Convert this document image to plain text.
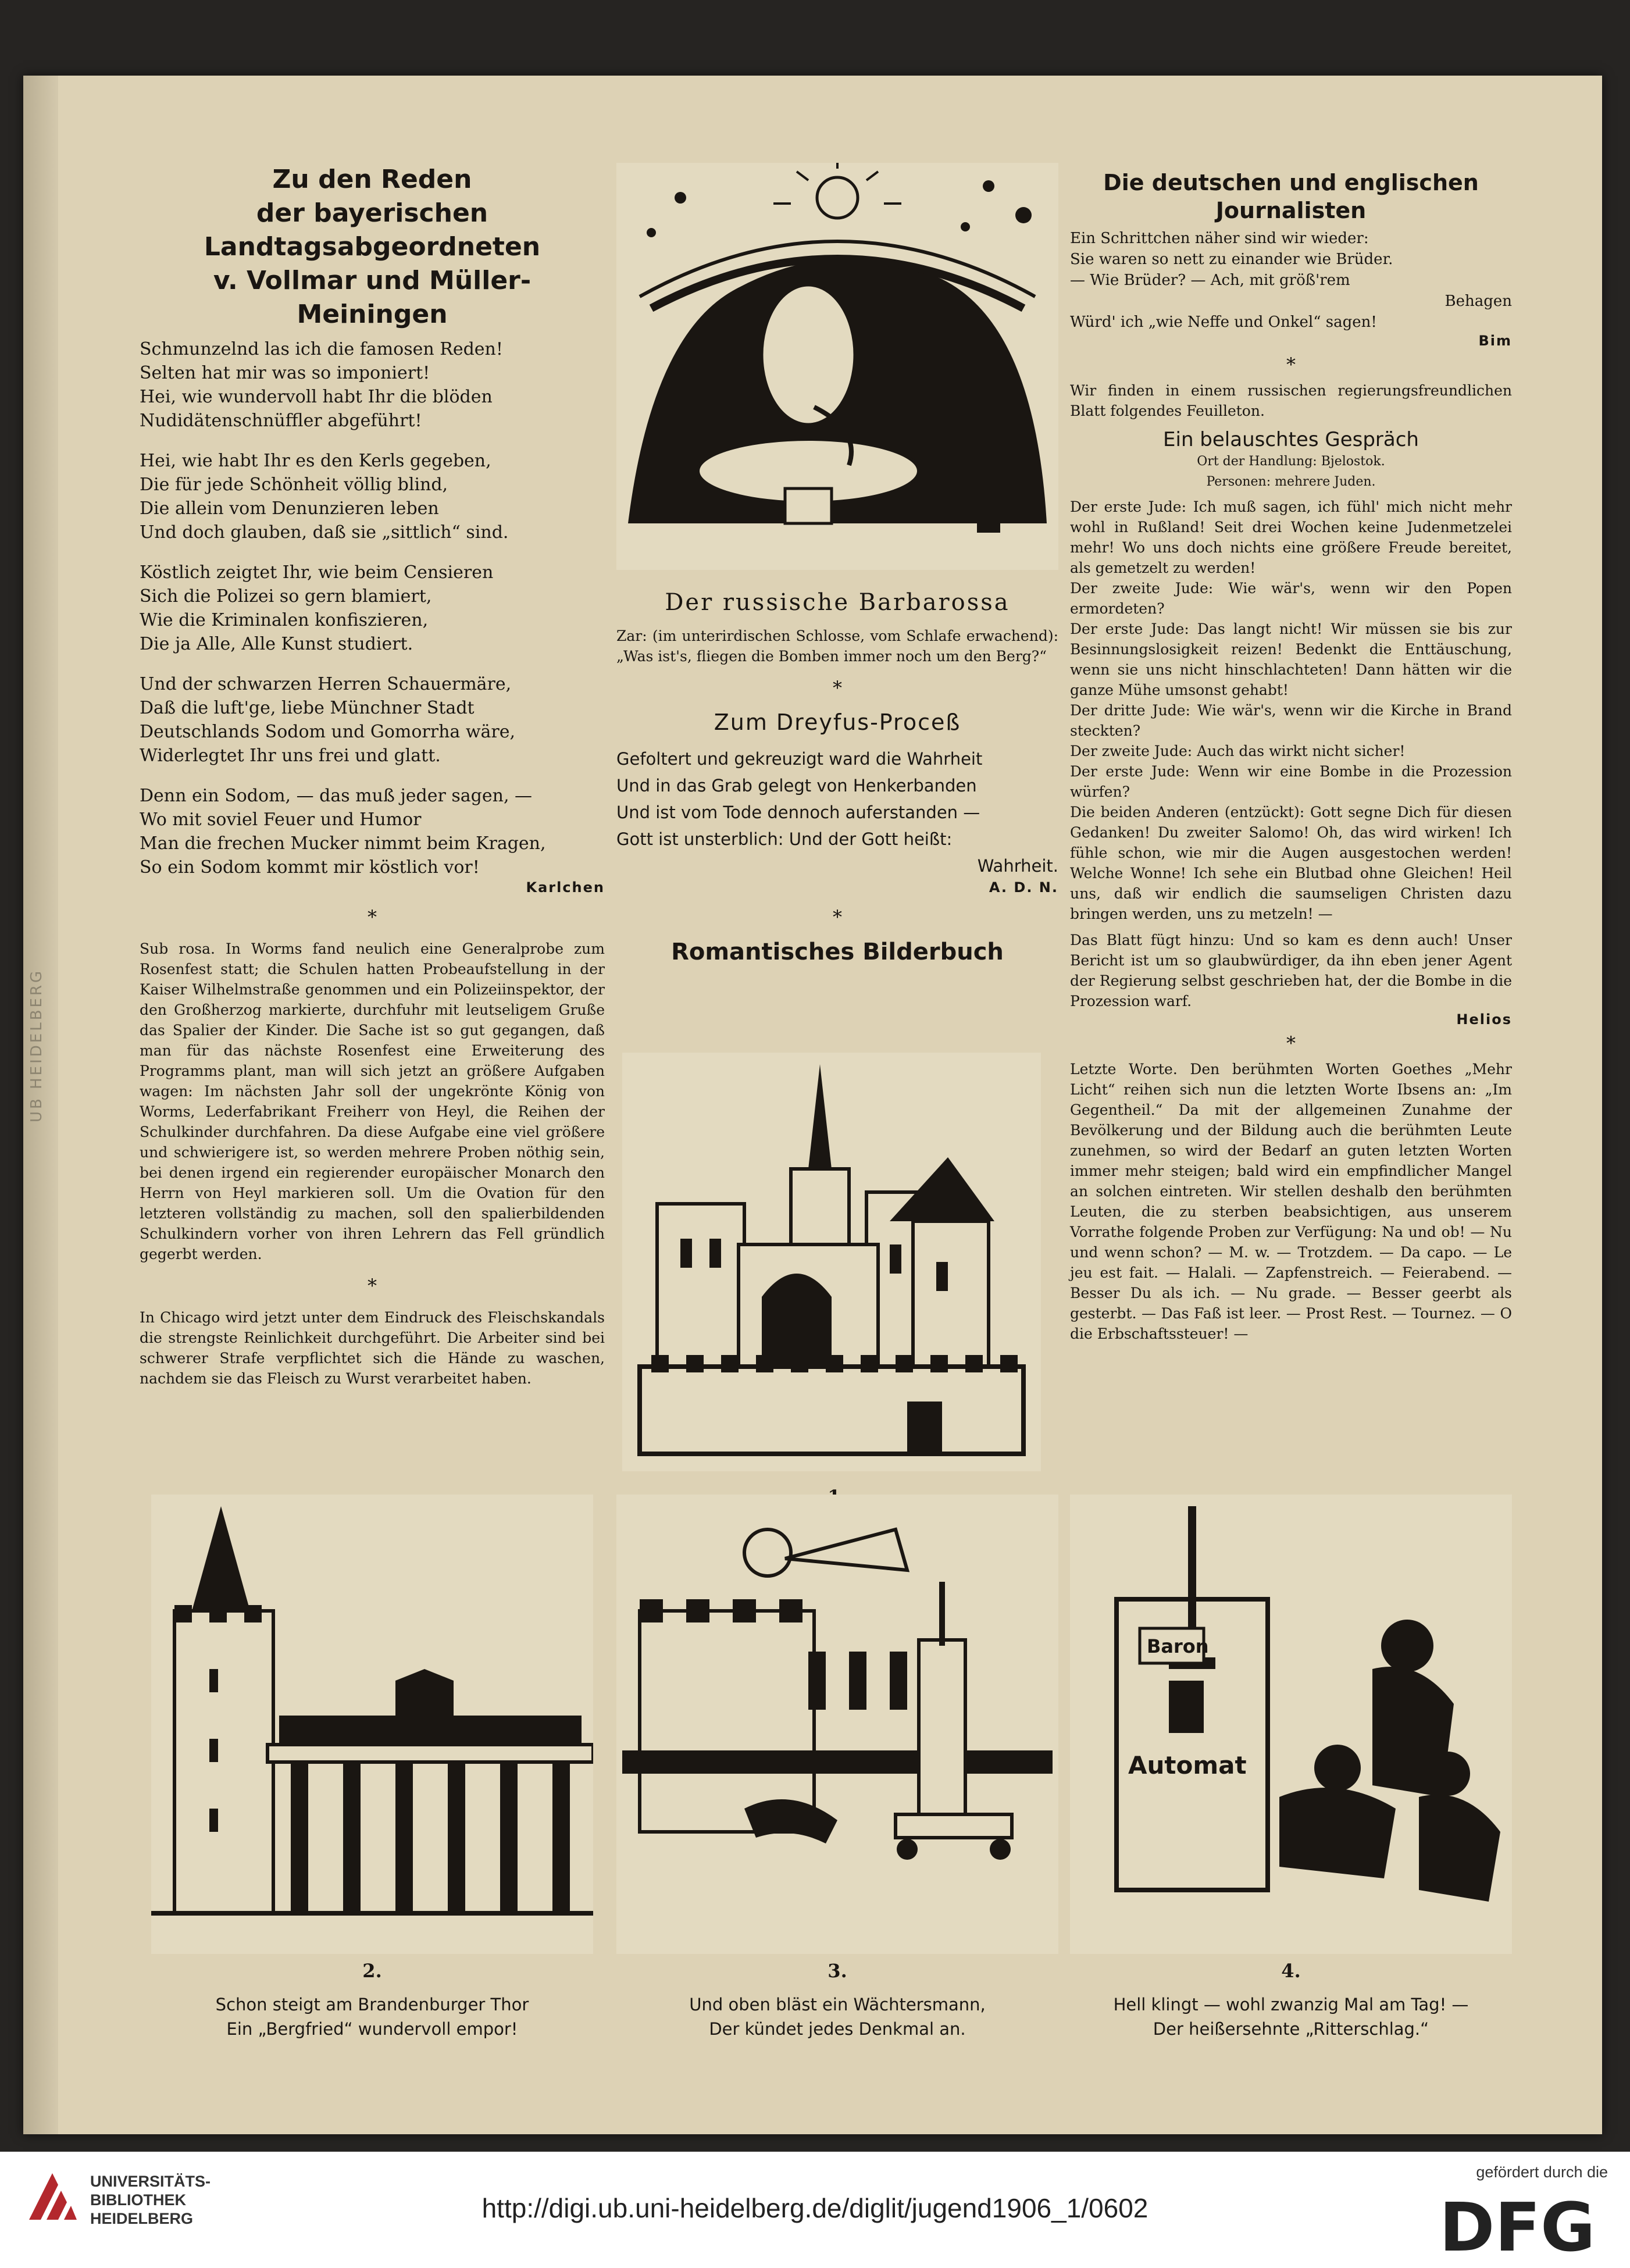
UB HEIDELBERG
Zu den Reden
der bayerischen Landtagsabgeordneten
v. Vollmar und Müller-Meiningen

Schmunzelnd las ich die famosen Reden!

Selten hat mir was so imponiert!

Hei, wie wundervoll habt Ihr die blöden

Nudidätenschnüffler abgeführt!

Hei, wie habt Ihr es den Kerls gegeben,

Die für jede Schönheit völlig blind,

Die allein vom Denunzieren leben

Und doch glauben, daß sie „sittlich“ sind.

Köstlich zeigtet Ihr, wie beim Censieren

Sich die Polizei so gern blamiert,

Wie die Kriminalen konfiszieren,

Die ja Alle, Alle Kunst studiert.

Und der schwarzen Herren Schauermäre,

Daß die luft'ge, liebe Münchner Stadt

Deutschlands Sodom und Gomorrha wäre,

Widerlegtet Ihr uns frei und glatt.

Denn ein Sodom, — das muß jeder sagen, —

Wo mit soviel Feuer und Humor

Man die frechen Mucker nimmt beim Kragen,

So ein Sodom kommt mir köstlich vor!

Karlchen
*

Sub rosa. In Worms fand neulich eine Generalprobe zum Rosenfest statt; die Schulen hatten Probeaufstellung in der Kaiser Wilhelmstraße genommen und ein Polizeiinspektor, der den Großherzog markierte, durchfuhr mit leutseligem Gruße das Spalier der Kinder. Die Sache ist so gut gegangen, daß man für das nächste Rosenfest eine Erweiterung des Programms plant, man will sich jetzt an größere Aufgaben wagen: Im nächsten Jahr soll der ungekrönte König von Worms, Lederfabrikant Freiherr von Heyl, die Reihen der Schulkinder durchfahren. Da diese Aufgabe eine viel größere und schwierigere ist, so werden mehrere Proben nöthig sein, bei denen irgend ein regierender europäischer Monarch den Herrn von Heyl markieren soll. Um die Ovation für den letzteren vollständig zu machen, soll den spalierbildenden Schulkindern vorher von ihren Lehrern das Fell gründlich gegerbt werden.

*

In Chicago wird jetzt unter dem Eindruck des Fleischskandals die strengste Reinlichkeit durchgeführt. Die Arbeiter sind bei schwerer Strafe verpflichtet sich die Hände zu waschen, nachdem sie das Fleisch zu Wurst verarbeitet haben.

Der russische Barbarossa

Zar: (im unterirdischen Schlosse, vom Schlafe erwachend): „Was ist's, fliegen die Bomben immer noch um den Berg?“

*
Zum Dreyfus-Proceß

Gefoltert und gekreuzigt ward die Wahrheit

Und in das Grab gelegt von Henkerbanden

Und ist vom Tode dennoch auferstanden —

Gott ist unsterblich: Und der Gott heißt:

Wahrheit.

A. D. N.
*
Romantisches Bilderbuch

Die deutschen und englischen Journalisten

Ein Schrittchen näher sind wir wieder:

Sie waren so nett zu einander wie Brüder.

— Wie Brüder? — Ach, mit größ'rem

Behagen

Würd' ich „wie Neffe und Onkel“ sagen!

Bim
*

Wir finden in einem russischen regierungsfreundlichen Blatt folgendes Feuilleton.

Ein belauschtes Gespräch

Ort der Handlung: Bjelostok.

Personen: mehrere Juden.

Der erste Jude: Ich muß sagen, ich fühl' mich nicht mehr wohl in Rußland! Seit drei Wochen keine Judenmetzelei mehr! Wo uns doch nichts eine größere Freude bereitet, als gemetzelt zu werden!

Der zweite Jude: Wie wär's, wenn wir den Popen ermordeten?

Der erste Jude: Das langt nicht! Wir müssen sie bis zur Besinnungslosigkeit reizen! Bedenkt die Enttäuschung, wenn sie uns nicht hinschlachteten! Dann hätten wir die ganze Mühe umsonst gehabt!

Der dritte Jude: Wie wär's, wenn wir die Kirche in Brand steckten?

Der zweite Jude: Auch das wirkt nicht sicher!

Der erste Jude: Wenn wir eine Bombe in die Prozession würfen?

Die beiden Anderen (entzückt): Gott segne Dich für diesen Gedanken! Du zweiter Salomo! Oh, das wird wirken! Ich fühle schon, wie mir die Augen ausgestochen werden! Welche Wonne! Ich sehe ein Blutbad ohne Gleichen! Heil uns, daß wir endlich die saumseligen Christen dazu bringen werden, uns zu metzeln! —

Das Blatt fügt hinzu: Und so kam es denn auch! Unser Bericht ist um so glaubwürdiger, da ihn eben jener Agent der Regierung selbst geschrieben hat, der die Bombe in die Prozession warf.

Helios
*

Letzte Worte. Den berühmten Worten Goethes „Mehr Licht“ reihen sich nun die letzten Worte Ibsens an: „Im Gegentheil.“ Da mit der allgemeinen Zunahme der Bevölkerung und der Bildung auch die berühmten Leute zunehmen, so wird der Bedarf an guten letzten Worten immer mehr steigen; bald wird ein empfindlicher Mangel an solchen eintreten. Wir stellen deshalb den berühmten Leuten, die zu sterben beabsichtigen, aus unserem Vorrathe folgende Proben zur Verfügung: Na und ob! — Nu und wenn schon? — M. w. — Trotzdem. — Da capo. — Le jeu est fait. — Halali. — Zapfenstreich. — Feierabend. — Besser Du als ich. — Nu grade. — Besser geerbt als gesterbt. — Das Faß ist leer. — Prost Rest. — Tournez. — O die Erbschaftssteuer! —

Baron
Automat

2.

Schon steigt am Brandenburger Thor

Ein „Bergfried“ wundervoll empor!

3.

Und oben bläst ein Wächtersmann,

Der kündet jedes Denkmal an.

4.

Hell klingt — wohl zwanzig Mal am Tag! —

Der heißersehnte „Ritterschlag.“

UNIVERSITÄTS-
BIBLIOTHEK
HEIDELBERG	http://digi.ub.uni-heidelberg.de/diglit/jugend1906_1/0602
gefördert durch die
DFG
